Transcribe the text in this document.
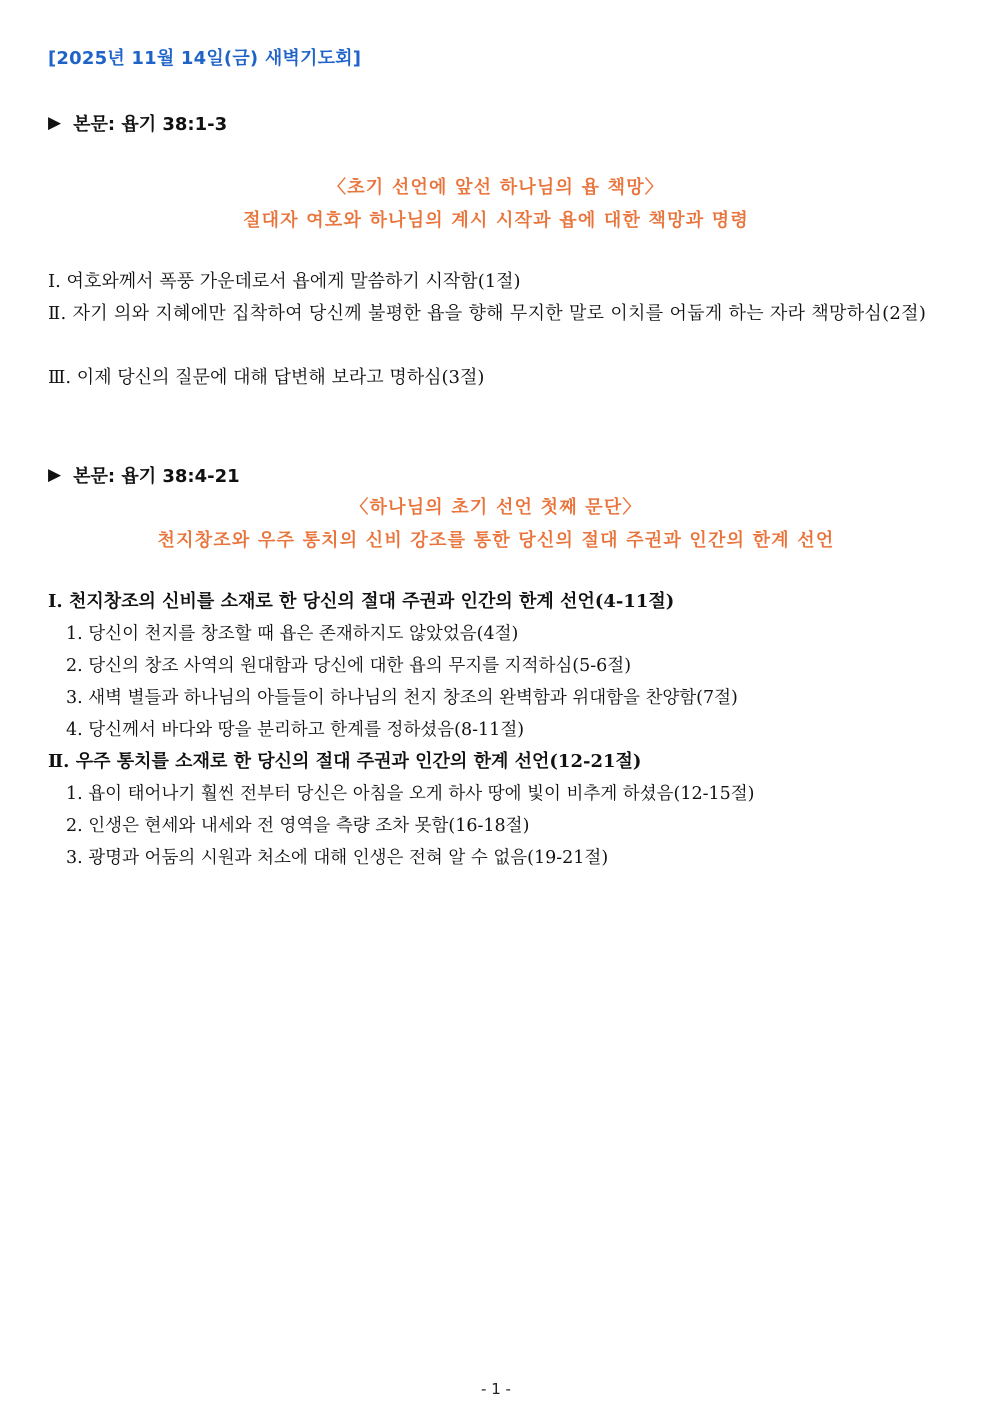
[2025년 11월 14일(금) 새벽기도회]
▶ 본문: 욥기 38:1-3
〈초기 선언에 앞선 하나님의 욥 책망〉
절대자 여호와 하나님의 계시 시작과 욥에 대한 책망과 명령
Ⅰ. 여호와께서 폭풍 가운데로서 욥에게 말씀하기 시작함(1절)
Ⅱ. 자기 의와 지혜에만 집착하여 당신께 불평한 욥을 향해 무지한 말로 이치를 어둡게 하는 자라 책망하심(2절)
Ⅲ. 이제 당신의 질문에 대해 답변해 보라고 명하심(3절)
▶ 본문: 욥기 38:4-21
〈하나님의 초기 선언 첫째 문단〉
천지창조와 우주 통치의 신비 강조를 통한 당신의 절대 주권과 인간의 한계 선언
Ⅰ. 천지창조의 신비를 소재로 한 당신의 절대 주권과 인간의 한계 선언(4-11절)
1. 당신이 천지를 창조할 때 욥은 존재하지도 않았었음(4절)
2. 당신의 창조 사역의 원대함과 당신에 대한 욥의 무지를 지적하심(5-6절)
3. 새벽 별들과 하나님의 아들들이 하나님의 천지 창조의 완벽함과 위대함을 찬양함(7절)
4. 당신께서 바다와 땅을 분리하고 한계를 정하셨음(8-11절)
Ⅱ. 우주 통치를 소재로 한 당신의 절대 주권과 인간의 한계 선언(12-21절)
1. 욥이 태어나기 훨씬 전부터 당신은 아침을 오게 하사 땅에 빛이 비추게 하셨음(12-15절)
2. 인생은 현세와 내세와 전 영역을 측량 조차 못함(16-18절)
3. 광명과 어둠의 시원과 처소에 대해 인생은 전혀 알 수 없음(19-21절)
- 1 -
